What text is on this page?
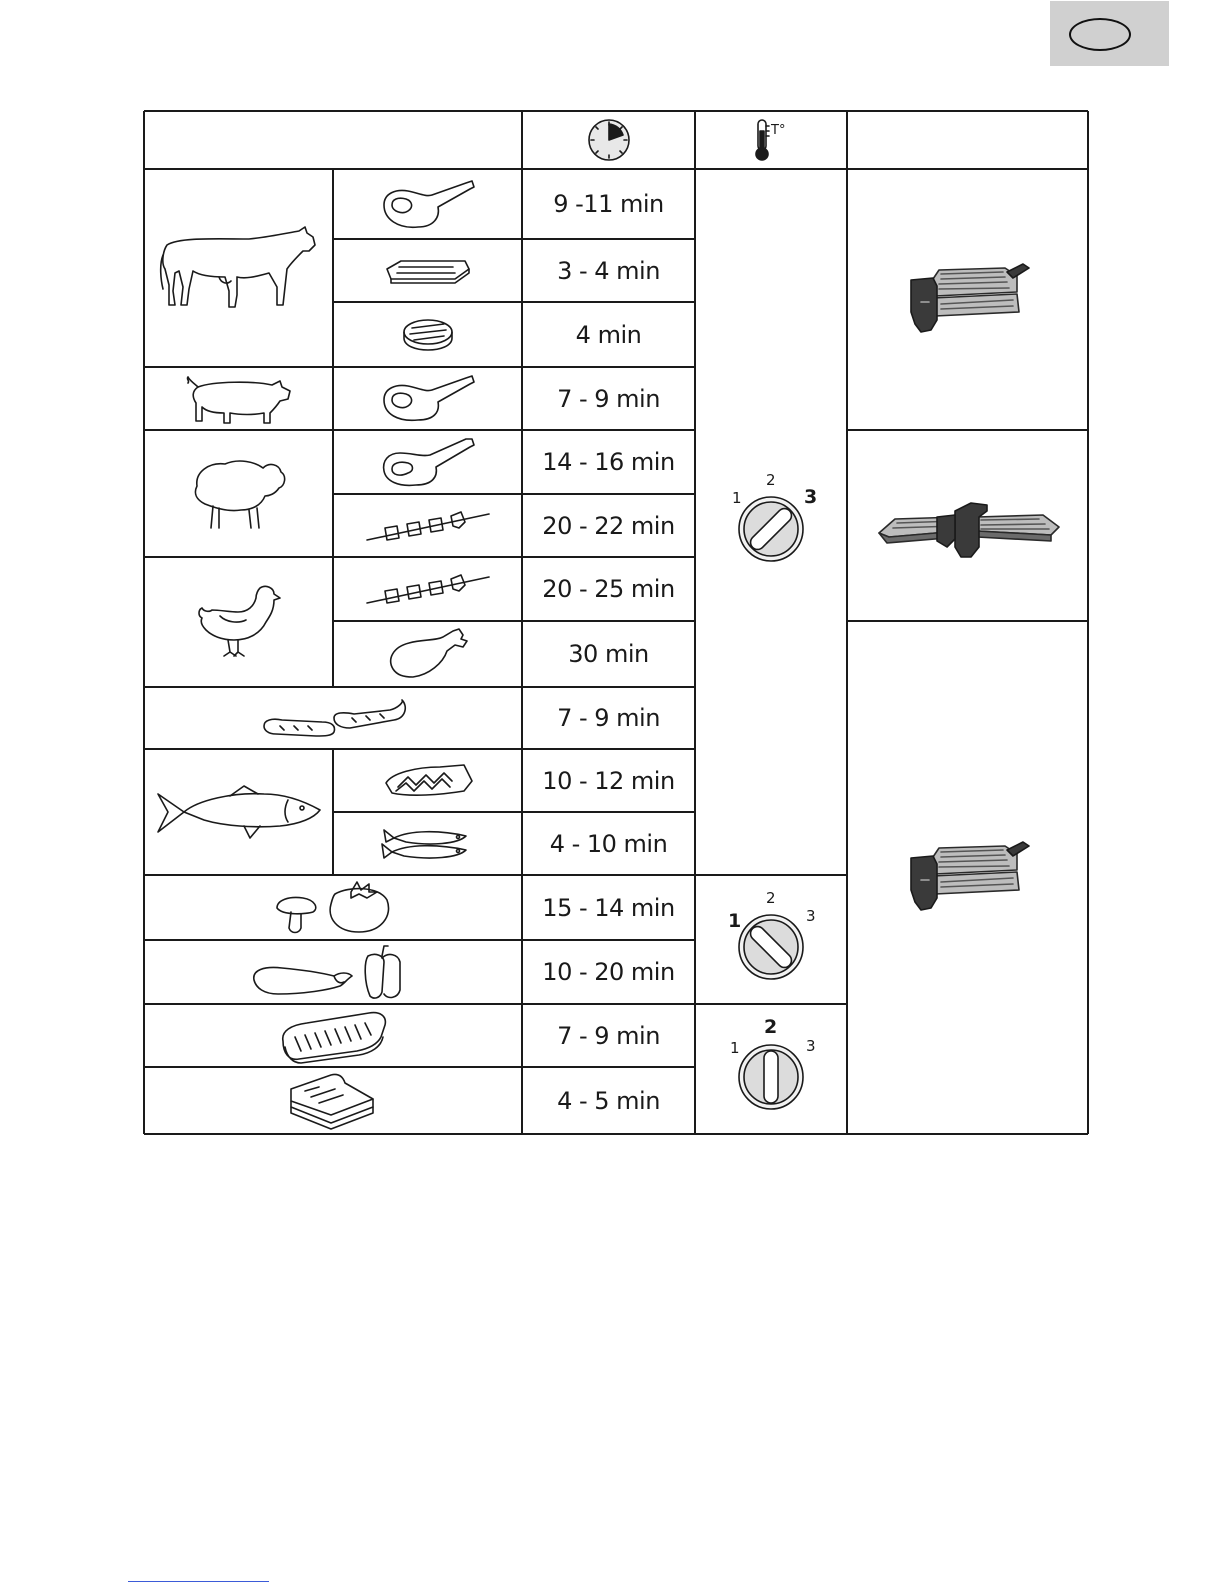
T°
9 -11 min
3 - 4 min
4 min
7 - 9 min
14 - 16 min
20 - 22 min
20 - 25 min
30 min
7 - 9 min
10 - 12 min
4 - 10 min
15 - 14 min
10 - 20 min
7 - 9 min
4 - 5 min
1
2
3
1
2
3
1
2
3
